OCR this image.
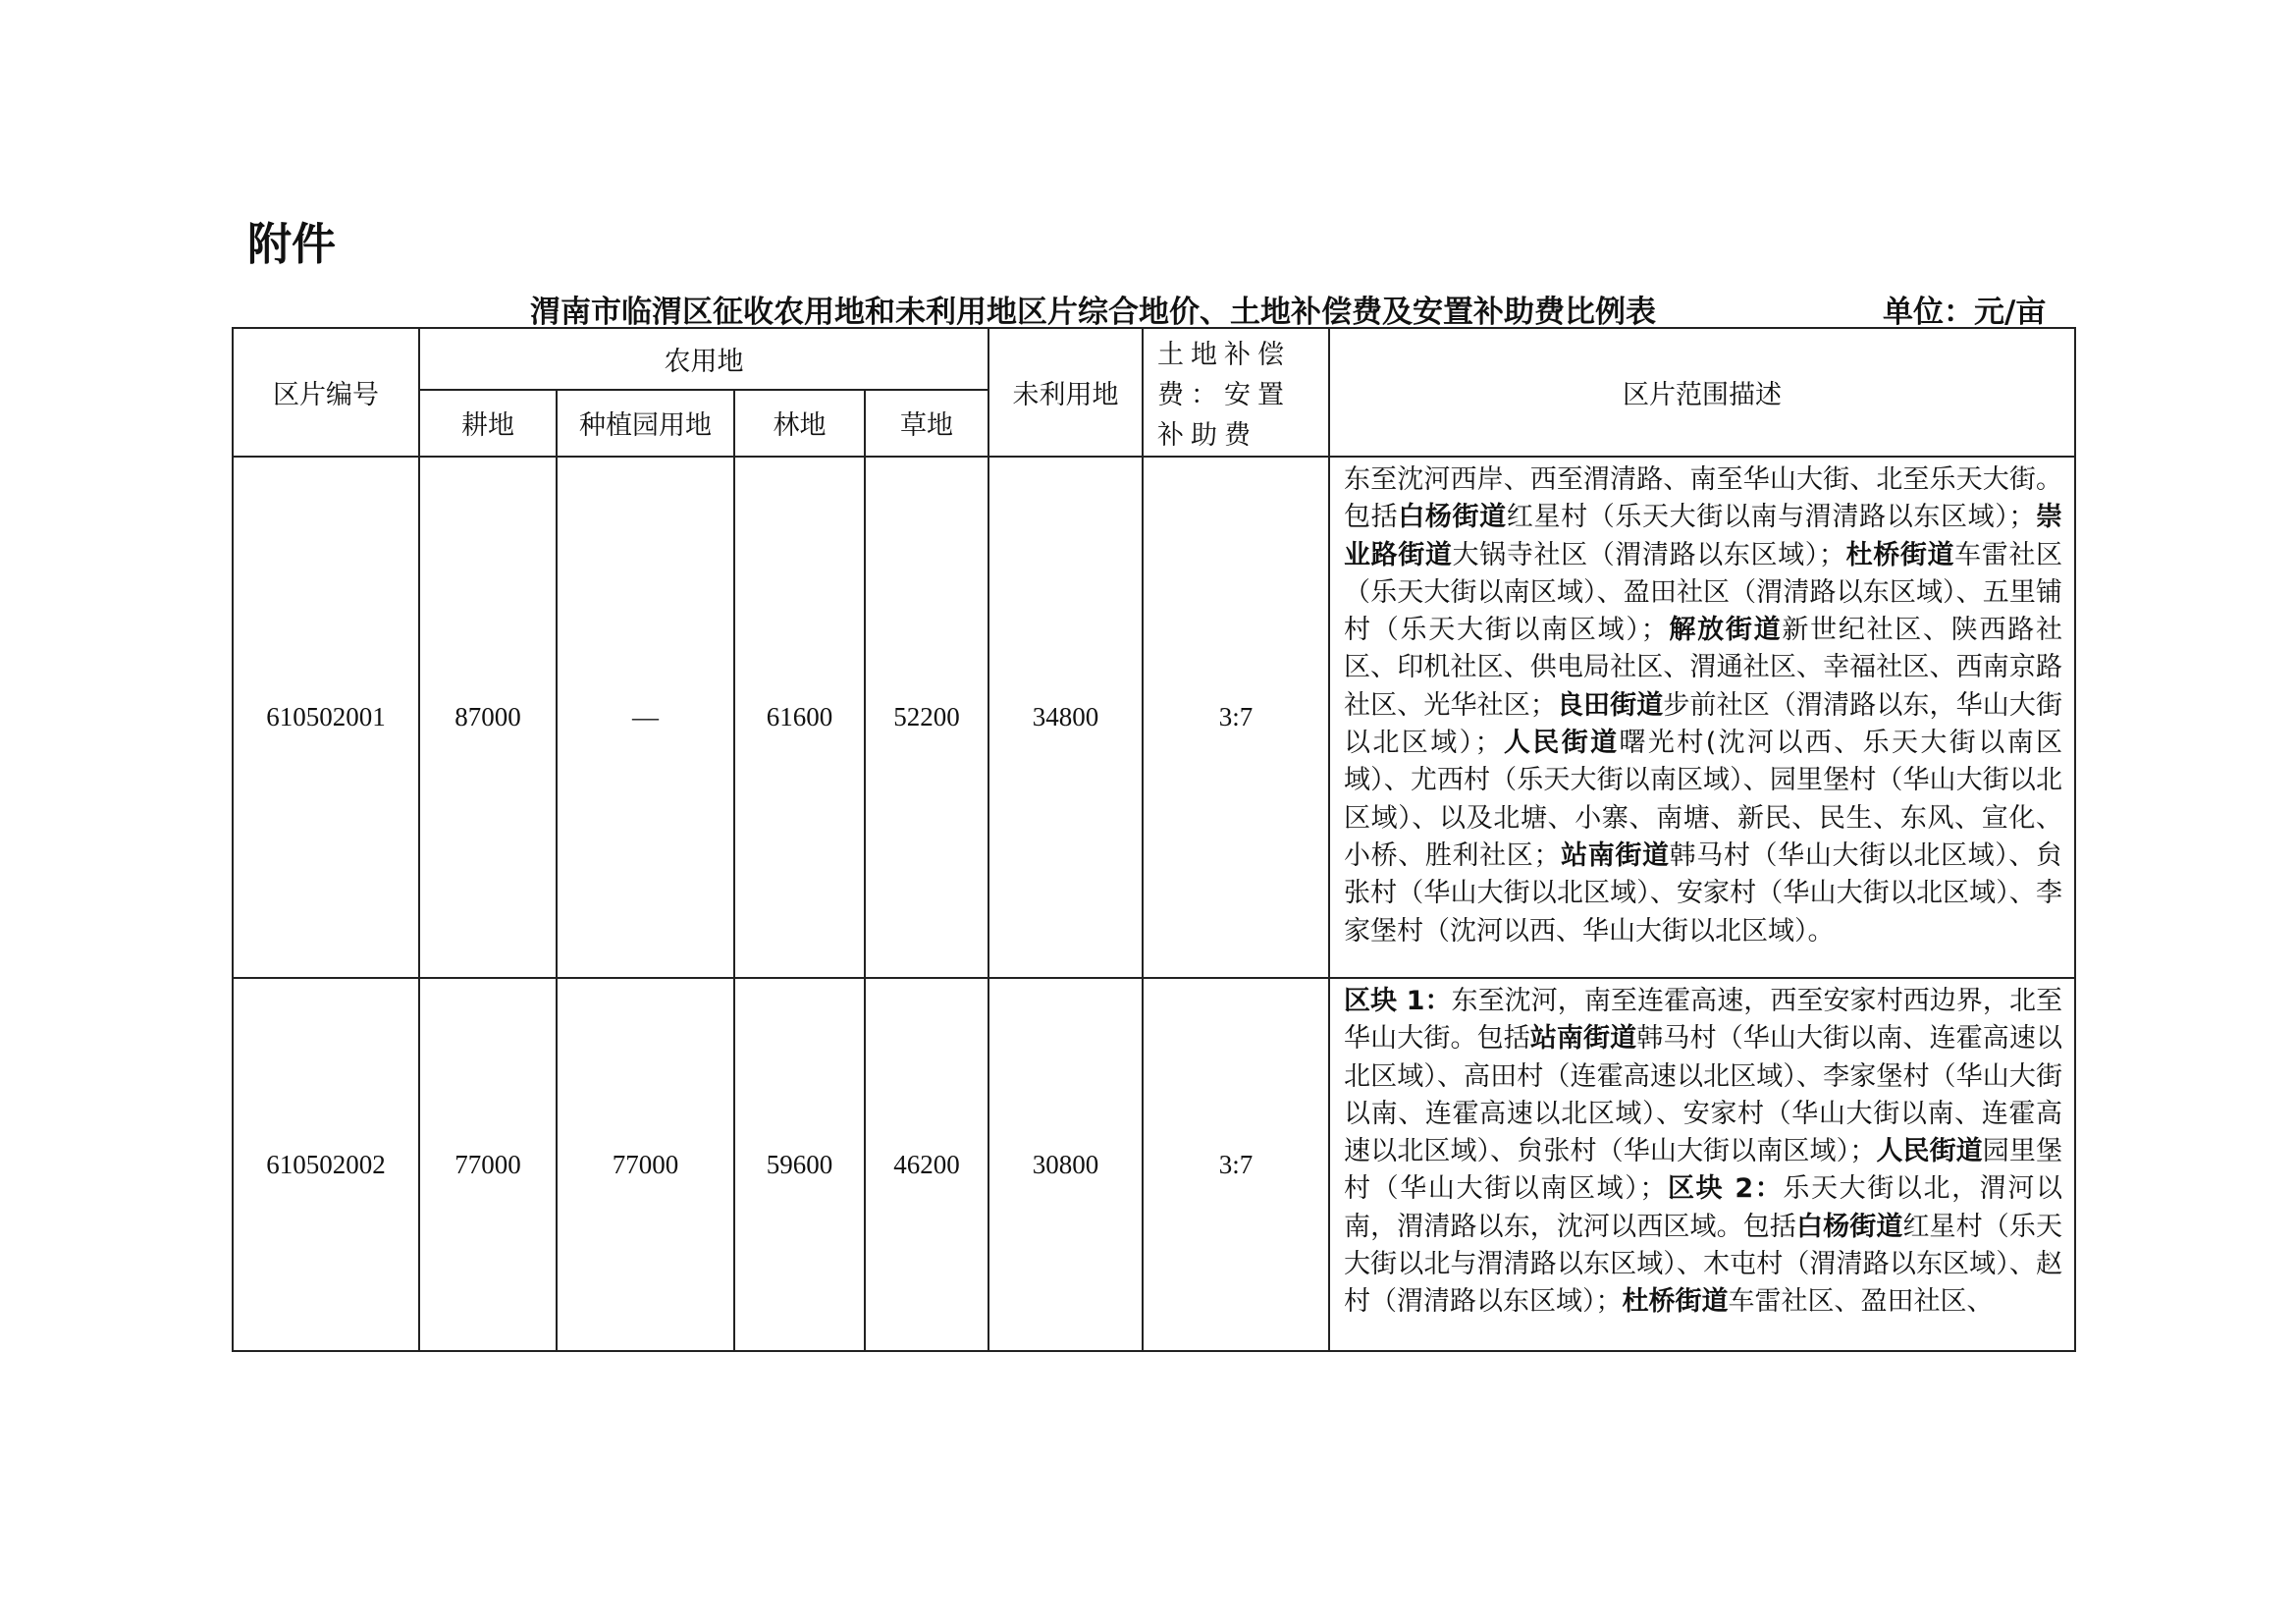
附件
渭南市临渭区征收农用地和未利用地区片综合地价、土地补偿费及安置补助费比例表	单位：元/亩
区片编号	农用地				未利用地	土地补偿费：安置补助费	区片范围描述
	耕地	种植园用地	林地	草地			
610502001	87000	—	61600	52200	34800	3:7	东至沈河西岸、西至渭清路、南至华山大街、北至乐天大街。包括白杨街道红星村（乐天大街以南与渭清路以东区域）；崇业路街道大锅寺社区（渭清路以东区域）；杜桥街道车雷社区（乐天大街以南区域）、盈田社区（渭清路以东区域）、五里铺村（乐天大街以南区域）；解放街道新世纪社区、陕西路社区、印机社区、供电局社区、渭通社区、幸福社区、西南京路社区、光华社区；良田街道步前社区（渭清路以东，华山大街以北区域）；人民街道曙光村(沈河以西、乐天大街以南区域）、尤西村（乐天大街以南区域）、园里堡村（华山大街以北区域）、以及北塘、小寨、南塘、新民、民生、东风、宣化、小桥、胜利社区；站南街道韩马村（华山大街以北区域）、贠张村（华山大街以北区域）、安家村（华山大街以北区域）、李家堡村（沈河以西、华山大街以北区域）。
610502002	77000	77000	59600	46200	30800	3:7	区块 1：东至沈河，南至连霍高速，西至安家村西边界，北至华山大街。包括站南街道韩马村（华山大街以南、连霍高速以北区域）、高田村（连霍高速以北区域）、李家堡村（华山大街以南、连霍高速以北区域）、安家村（华山大街以南、连霍高速以北区域）、贠张村（华山大街以南区域）；人民街道园里堡村（华山大街以南区域）；区块 2：乐天大街以北，渭河以南，渭清路以东，沈河以西区域。包括白杨街道红星村（乐天大街以北与渭清路以东区域）、木屯村（渭清路以东区域）、赵村（渭清路以东区域）；杜桥街道车雷社区、盈田社区、
